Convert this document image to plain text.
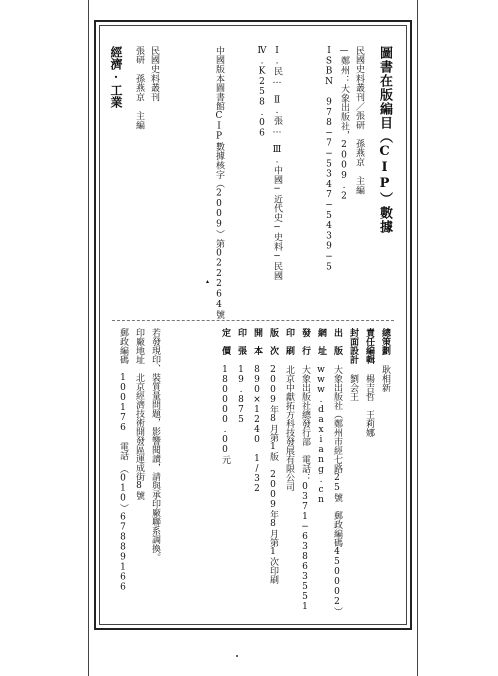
圖書在版編目（CIP）數據
民國史料叢刊／張研　孫燕京　主編
—鄭州：大象出版社，2009.2
ISBN 978−7−5347−5439−5
Ⅰ.民…　Ⅱ.張…　Ⅲ.中國−近代史−史料−民國
Ⅳ.K258.06
中國版本圖書館CIP數據核字（2009）第022264號
▴
民國史料叢刊
張研　孫燕京　主編
經濟·工業
總策劃耿相新
責任編輯楊吉哲　王莉娜
封面設計劉会王
出　版大象出版社（鄭州市經七路25號　郵政編碼450002）
網　址www.daxiang.cn
發　行大象出版社總發行部　電話：0371−63863551
印　刷北京中獻拓方科技發展有限公司
版　次2009年8月第1版　2009年8月第1次印刷
開　本890×1240　1/32
印　張19.875
定　價180000.00元
若發現印、裝質量問題，影響閱讀，請與承印廠聯系調換。
印廠地址　北京經濟技術開發區運成街8號
郵政編碼　100176　電話　（010）67889166
